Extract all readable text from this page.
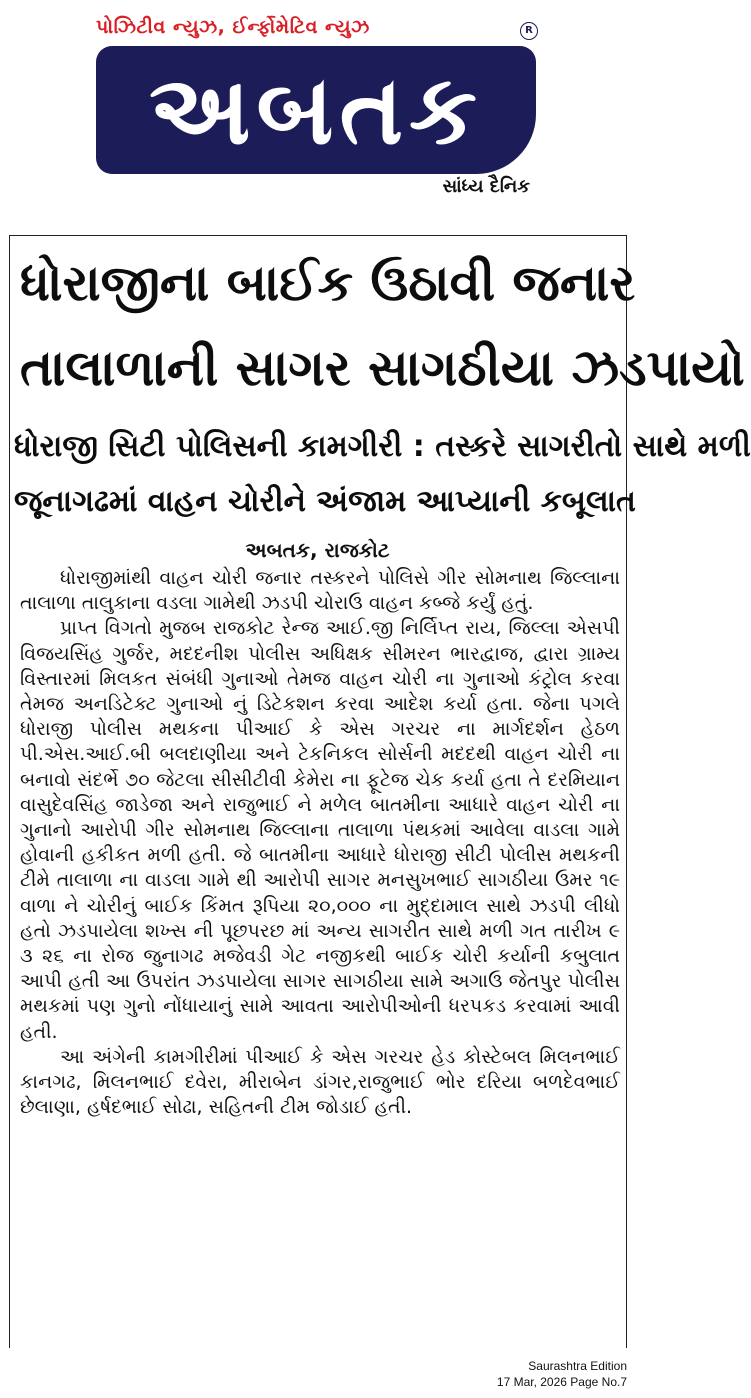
પોઝિટીવ ન્યુઝ, ઈર્ન્ફોમેટિવ ન્યુઝ	R
અબતક
સાંધ્ય દૈનિક
ધોરાજીના બાઈક ઉઠાવી જનાર
તાલાળાની સાગર સાગઠીયા ઝડપાયો
ધોરાજી સિટી પોલિસની કામગીરી : તસ્કરે સાગરીતો સાથે મળી
જૂનાગઢમાં વાહન ચોરીને અંજામ આપ્યાની કબૂલાત
અબતક, રાજકોટ

ધોરાજીમાંથી વાહન ચોરી જનાર તસ્કરને પોલિસે ગીર સોમનાથ જિલ્લાના તાલાળા તાલુકાના વડલા ગામેથી ઝડપી ચોરાઉ વાહન કબ્જે કર્યું હતું.

પ્રાપ્ત વિગતો મુજબ રાજકોટ રેન્જ આઈ.જી નિર્લિપ્ત રાય, જિલ્લા એસપી વિજયસિંહ ગુર્જર, મદદનીશ પોલીસ અધિક્ષક સીમરન ભારદ્વાજ, દ્વારા ગ્રામ્ય વિસ્તારમાં મિલકત સંબંધી ગુનાઓ તેમજ વાહન ચોરી ના ગુનાઓ કંટ્રોલ કરવા તેમજ અનડિટેક્ટ ગુનાઓ નું ડિટેકશન કરવા આદેશ કર્યા હતા. જેના પગલે ધોરાજી પોલીસ મથકના પીઆઈ કે એસ ગરચર ના માર્ગદર્શન હેઠળ પી.એસ.આઈ.બી બલદાણીયા અને ટેકનિકલ સોર્સની મદદથી વાહન ચોરી ના બનાવો સંદર્ભે ૭૦ જેટલા સીસીટીવી કેમેરા ના ફૂટેજ ચેક કર્યા હતા તે દરમિયાન વાસુદેવસિંહ જાડેજા અને રાજુભાઈ ને મળેલ બાતમીના આધારે વાહન ચોરી ના ગુનાનો આરોપી ગીર સોમનાથ જિલ્લાના તાલાળા પંથકમાં આવેલા વાડલા ગામે હોવાની હકીકત મળી હતી. જે બાતમીના આધારે ધોરાજી સીટી પોલીસ મથકની ટીમે તાલાળા ના વાડલા ગામે થી આરોપી સાગર મનસુખભાઈ સાગઠીયા ઉમર ૧૯ વાળા ને ચોરીનું બાઈક કિંમત રૂપિયા ૨૦,૦૦૦ ના મુદ્દામાલ સાથે ઝડપી લીધો હતો ઝડપાયેલા શખ્સ ની પૂછપરછ માં અન્ય સાગરીત સાથે મળી ગત તારીખ ૯ ૩ ૨૬ ના રોજ જુનાગઢ મજેવડી ગેટ નજીકથી બાઈક ચોરી કર્યાની કબુલાત આપી હતી આ ઉપરાંત ઝડપાયેલા સાગર સાગઠીયા સામે અગાઉ જેતપુર પોલીસ મથકમાં પણ ગુનો નોંધાયાનું સામે આવતા આરોપીઓની ધરપકડ કરવામાં આવી હતી.

આ અંગેની કામગીરીમાં પીઆઈ કે એસ ગરચર હેડ કોસ્ટેબલ મિલનભાઈ કાનગઢ, મિલનભાઈ દવેરા, મીરાબેન ડાંગર,રાજુભાઈ ભોર દરિયા બળદેવભાઈ છેલાણા, હર્ષદભાઈ સોઢા, સહિતની ટીમ જોડાઈ હતી.

Saurashtra Edition
17 Mar, 2026 Page No.7
